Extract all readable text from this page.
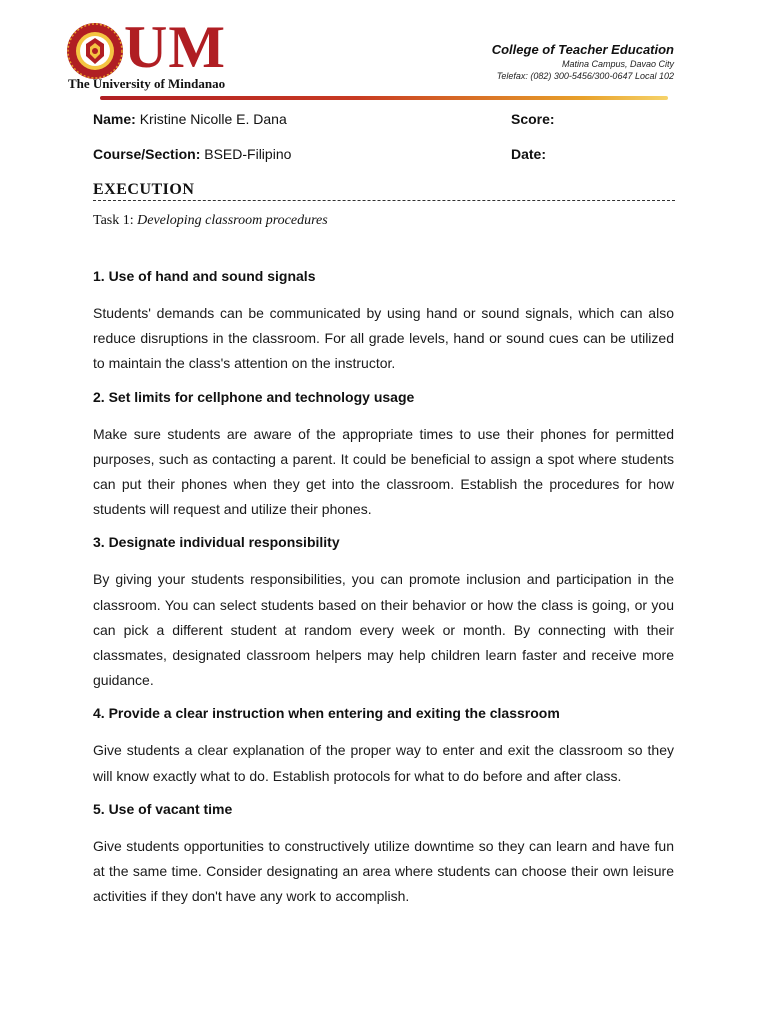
UM
The University of Mindanao
College of Teacher Education
Matina Campus, Davao City
Telefax: (082) 300-5456/300-0647 Local 102
Name: Kristine Nicolle E. Dana	Score:
Course/Section: BSED-Filipino	Date:
EXECUTION
Task 1: Developing classroom procedures
1. Use of hand and sound signals

Students' demands can be communicated by using hand or sound signals, which can also reduce disruptions in the classroom. For all grade levels, hand or sound cues can be utilized to maintain the class's attention on the instructor.

2. Set limits for cellphone and technology usage

Make sure students are aware of the appropriate times to use their phones for permitted purposes, such as contacting a parent. It could be beneficial to assign a spot where students can put their phones when they get into the classroom. Establish the procedures for how students will request and utilize their phones.

3. Designate individual responsibility

By giving your students responsibilities, you can promote inclusion and participation in the classroom. You can select students based on their behavior or how the class is going, or you can pick a different student at random every week or month. By connecting with their classmates, designated classroom helpers may help children learn faster and receive more guidance.

4. Provide a clear instruction when entering and exiting the classroom

Give students a clear explanation of the proper way to enter and exit the classroom so they will know exactly what to do. Establish protocols for what to do before and after class.

5. Use of vacant time

Give students opportunities to constructively utilize downtime so they can learn and have fun at the same time. Consider designating an area where students can choose their own leisure activities if they don't have any work to accomplish.
